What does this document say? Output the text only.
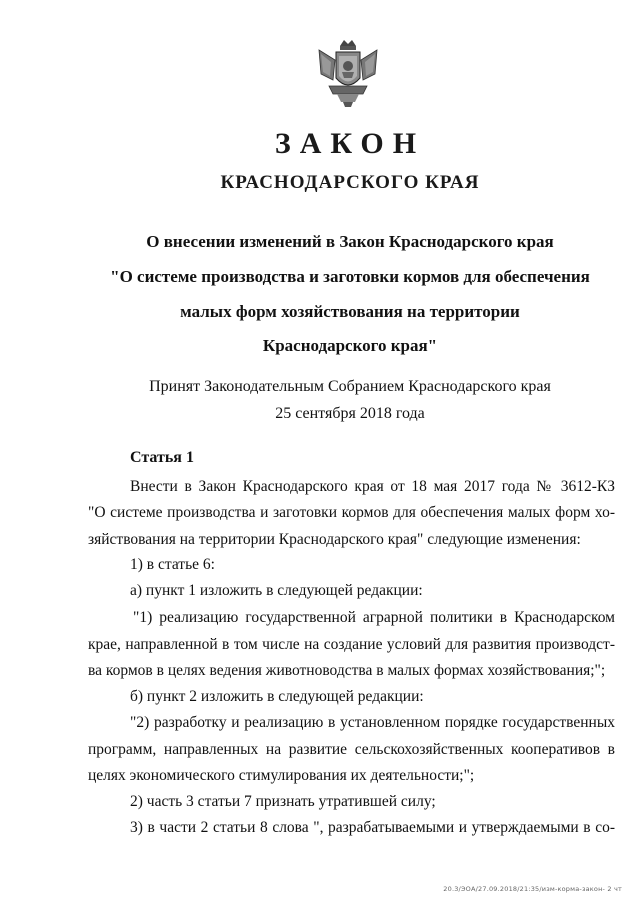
ЗАКОН
КРАСНОДАРСКОГО КРАЯ
О внесении изменений в Закон Краснодарского края
"О системе производства и заготовки кормов для обеспечения
малых форм хозяйствования на территории
Краснодарского края"
Принят Законодательным Собранием Краснодарского края
25 сентября 2018 года
Статья 1
Внести в Закон Краснодарского края от 18 мая 2017 года № 3612-КЗ
"О системе производства и заготовки кормов для обеспечения малых форм хо-
зяйствования на территории Краснодарского края" следующие изменения:
1) в статье 6:
а) пункт 1 изложить в следующей редакции:
"1) реализацию государственной аграрной политики в Краснодарском
крае, направленной в том числе на создание условий для развития производст-
ва кормов в целях ведения животноводства в малых формах хозяйствования;";
б) пункт 2 изложить в следующей редакции:
"2) разработку и реализацию в установленном порядке государственных
программ, направленных на развитие сельскохозяйственных кооперативов в
целях экономического стимулирования их деятельности;";
2) часть 3 статьи 7 признать утратившей силу;
3) в части 2 статьи 8 слова ", разрабатываемыми и утверждаемыми в со-
20.3/ЭОА/27.09.2018/21:35/изм-корма-закон- 2 чт
